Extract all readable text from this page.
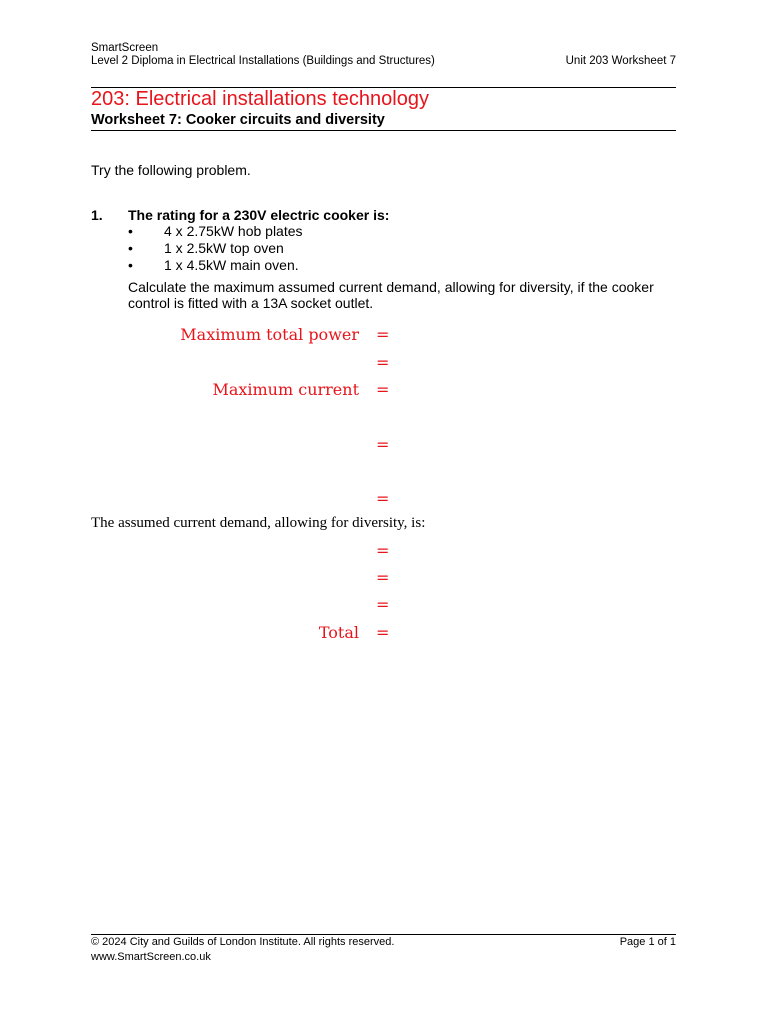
SmartScreen
Level 2 Diploma in Electrical Installations (Buildings and Structures)	Unit 203 Worksheet 7
203: Electrical installations technology
Worksheet 7: Cooker circuits and diversity
Try the following problem.
1. The rating for a 230V electric cooker is:
• 4 x 2.75kW hob plates
• 1 x 2.5kW top oven
• 1 x 4.5kW main oven.
Calculate the maximum assumed current demand, allowing for diversity, if the cooker control is fitted with a 13A socket outlet.
Maximum total power =
=
Maximum current =
=
=
The assumed current demand, allowing for diversity, is:
=
=
=
Total =
© 2024 City and Guilds of London Institute. All rights reserved.	Page 1 of 1
www.SmartScreen.co.uk
